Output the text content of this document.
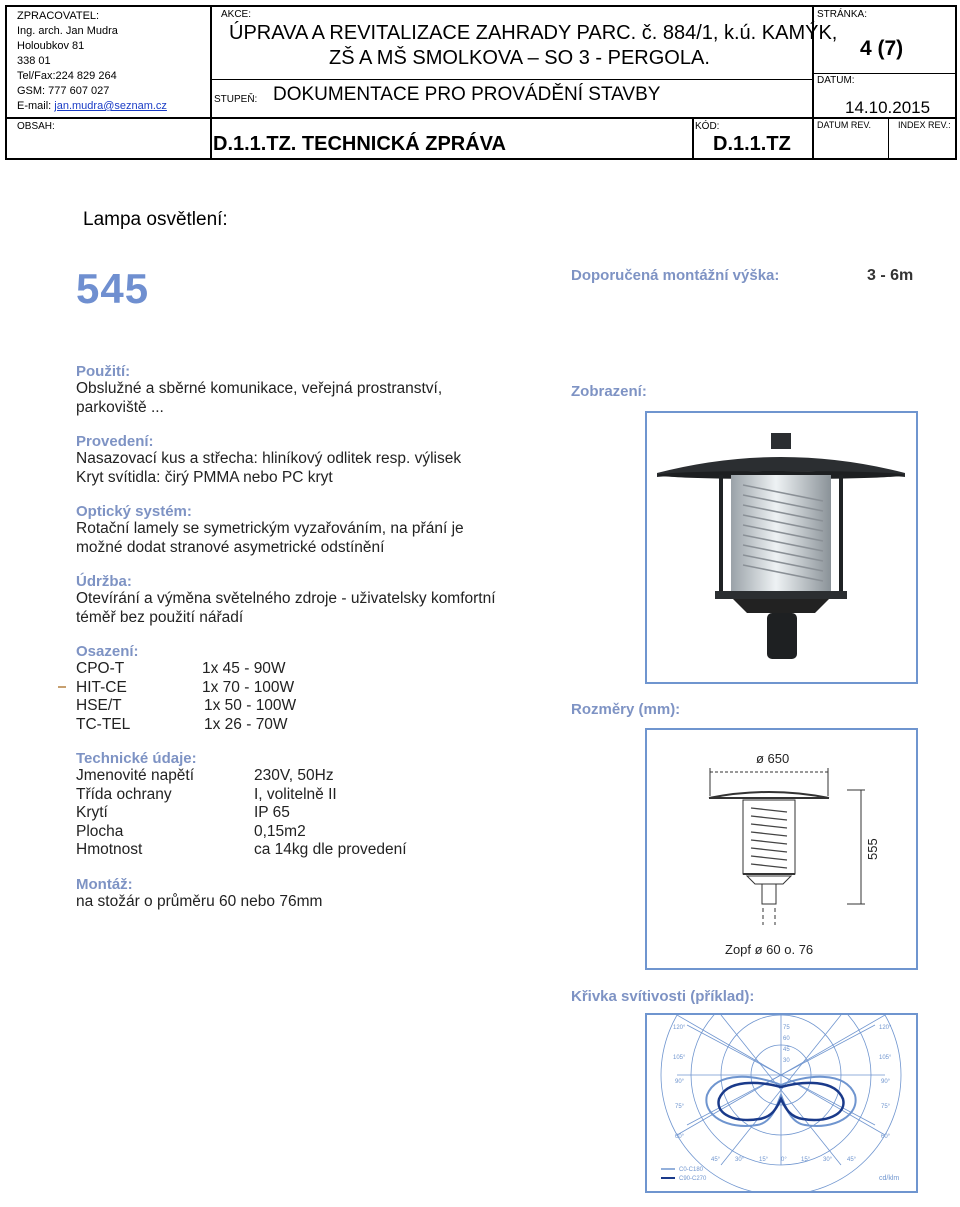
ZPRACOVATEL:
Ing. arch. Jan Mudra
Holoubkov 81
338 01
Tel/Fax:224 829 264
GSM: 777 607 027
E-mail: jan.mudra@seznam.cz
AKCE:
ÚPRAVA A REVITALIZACE ZAHRADY PARC. č. 884/1, k.ú. KAMÝK,
ZŠ A MŠ SMOLKOVA – SO 3 - PERGOLA.
STUPEŇ: DOKUMENTACE PRO PROVÁDĚNÍ STAVBY
STRÁNKA:
4 (7)
DATUM:
14.10.2015
OBSAH:
D.1.1.TZ. TECHNICKÁ ZPRÁVA
KÓD:
D.1.1.TZ
DATUM REV.	INDEX REV.:
Lampa osvětlení:
545
Použití:
Obslužné a sběrné komunikace, veřejná prostranství,
parkoviště ...
Provedení:
Nasazovací kus a střecha: hliníkový odlitek resp. výlisek
Kryt svítidla: čirý PMMA nebo PC kryt
Optický systém:
Rotační lamely se symetrickým vyzařováním, na přání je
možné dodat stranové asymetrické odstínění
Údržba:
Otevírání a výměna světelného zdroje - uživatelsky komfortní
téměř bez použití nářadí
Osazení:
CPO-T	1x 45 - 90W
HIT-CE	1x 70 - 100W
HSE/T	1x 50 - 100W
TC-TEL	1x 26 - 70W
Technické údaje:
Jmenovité napětí	230V, 50Hz
Třída ochrany	I, volitelně II
Krytí	IP 65
Plocha	0,15m2
Hmotnost	ca 14kg dle provedení
Montáž:
na stožár o průměru 60 nebo 76mm
Doporučená montážní výška:	3 - 6m
Zobrazení:
Rozměry (mm):
ø 650
555
Zopf ø 60 o. 76
Křivka svítivosti (příklad):
120°
105°
90°
75°
60°
120°
105°
90°
75°
60°
45° 30° 15° 0° 15° 30° 45°
75
60
45
30
C0-C180
C90-C270	cd/klm
